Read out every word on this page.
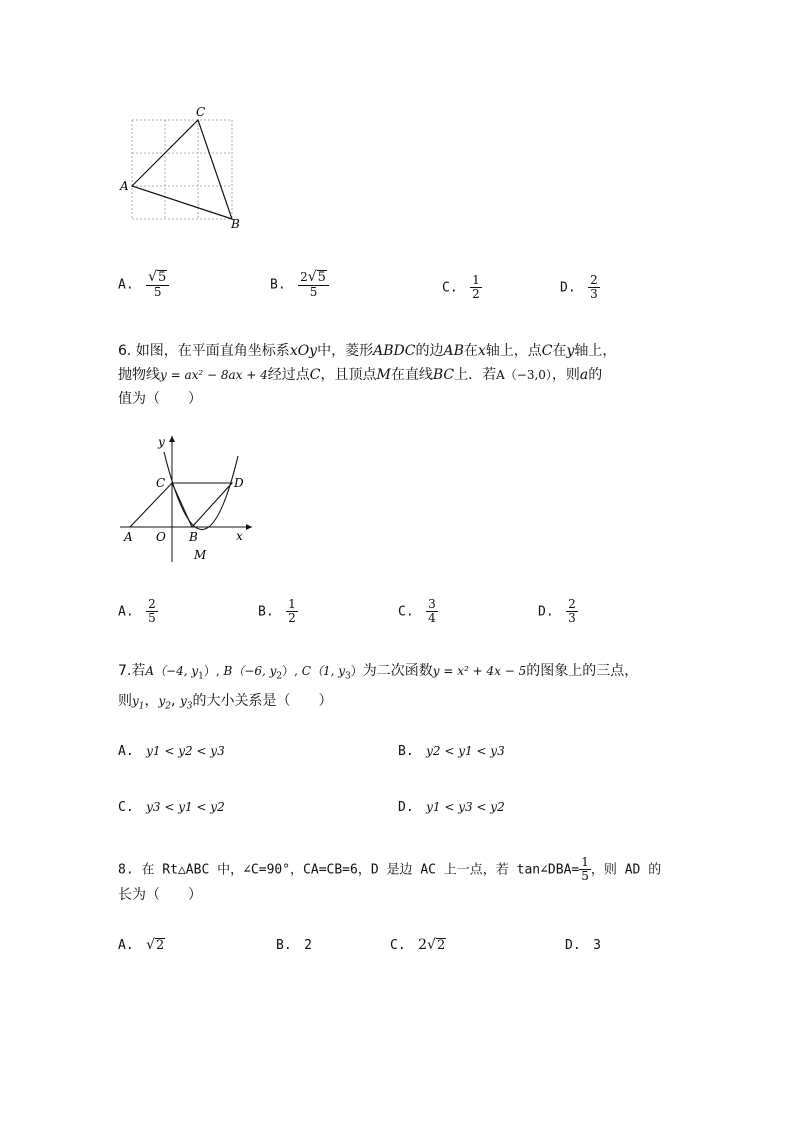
A
C
B
A. $\frac{√ 5}{5}$	B. $\frac{2 √ 5}{5}$	C. $\frac{1}{2}$	D. $\frac{2}{3}$
6. 如图，在平面直角坐标系xOy中，菱形ABDC的边AB在x轴上，点C在y轴上，
抛物线y = ax² − 8ax + 4经过点C，且顶点M在直线BC上．若A（−3,0），则a的
值为（　　）
y
x
C	D
A O B
M
A. $\frac{2}{5}$	B. $\frac{1}{2}$	C. $\frac{3}{4}$	D. $\frac{2}{3}$
7.若A（−4, $y_1$）, B（−6, $y_2$）, C（1, $y_3$）为二次函数y = x² + 4x − 5的图象上的三点，
则$y_1$，$y_2$, $y_3$的大小关系是（　　）
A. y1 < y2 < y3	B. y2 < y1 < y3
C. y3 < y1 < y2	D. y1 < y3 < y2
8. 在 Rt△ABC 中，∠C=90°，CA=CB=6，D 是边 AC 上一点，若 tan∠DBA= $\frac{1}{5}$ ，则 AD 的
长为（　　）
A. √ 2	B. 2	C. 2 √ 2	D. 3
